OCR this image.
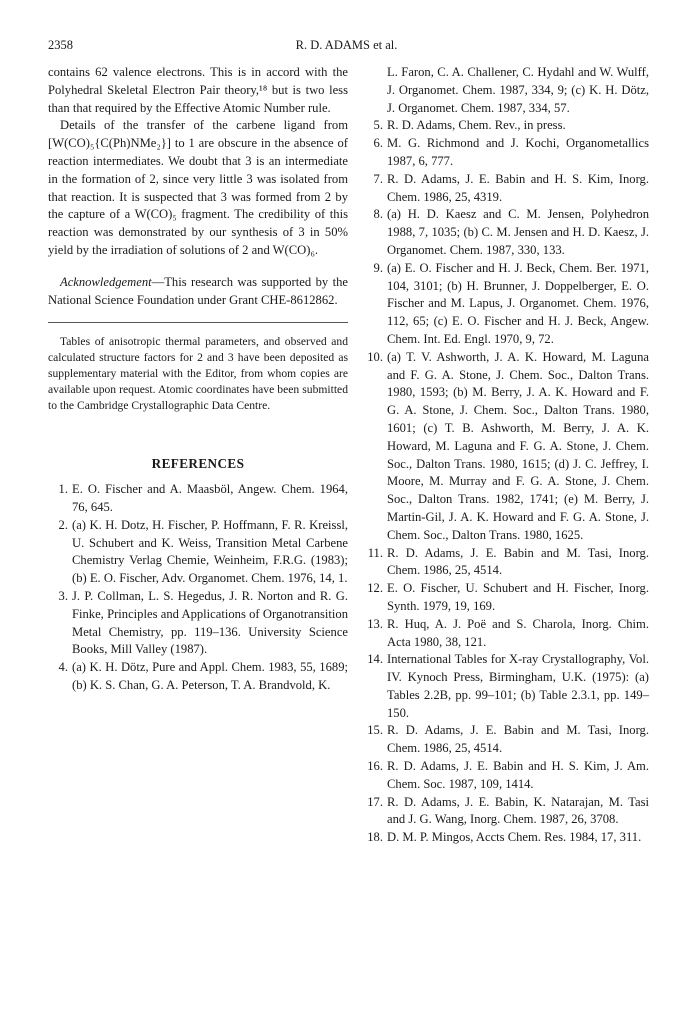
2358	R. D. ADAMS et al.

contains 62 valence electrons. This is in accord with the Polyhedral Skeletal Electron Pair theory,¹⁸ but is two less than that required by the Effective Atomic Number rule.

Details of the transfer of the carbene ligand from [W(CO)₅{C(Ph)NMe₂}] to 1 are obscure in the absence of reaction intermediates. We doubt that 3 is an intermediate in the formation of 2, since very little 3 was isolated from that reaction. It is suspected that 3 was formed from 2 by the capture of a W(CO)₅ fragment. The credibility of this reaction was demonstrated by our synthesis of 3 in 50% yield by the irradiation of solutions of 2 and W(CO)₆.

Acknowledgement—This research was supported by the National Science Foundation under Grant CHE-8612862.

Tables of anisotropic thermal parameters, and observed and calculated structure factors for 2 and 3 have been deposited as supplementary material with the Editor, from whom copies are available upon request. Atomic coordinates have been submitted to the Cambridge Crystallographic Data Centre.

REFERENCES
1. E. O. Fischer and A. Maasböl, Angew. Chem. 1964, 76, 645.
2. (a) K. H. Dotz, H. Fischer, P. Hoffmann, F. R. Kreissl, U. Schubert and K. Weiss, Transition Metal Carbene Chemistry Verlag Chemie, Weinheim, F.R.G. (1983); (b) E. O. Fischer, Adv. Organomet. Chem. 1976, 14, 1.
3. J. P. Collman, L. S. Hegedus, J. R. Norton and R. G. Finke, Principles and Applications of Organotransition Metal Chemistry, pp. 119–136. University Science Books, Mill Valley (1987).
4. (a) K. H. Dötz, Pure and Appl. Chem. 1983, 55, 1689; (b) K. S. Chan, G. A. Peterson, T. A. Brandvold, K.
L. Faron, C. A. Challener, C. Hydahl and W. Wulff, J. Organomet. Chem. 1987, 334, 9; (c) K. H. Dötz, J. Organomet. Chem. 1987, 334, 57.
5. R. D. Adams, Chem. Rev., in press.
6. M. G. Richmond and J. Kochi, Organometallics 1987, 6, 777.
7. R. D. Adams, J. E. Babin and H. S. Kim, Inorg. Chem. 1986, 25, 4319.
8. (a) H. D. Kaesz and C. M. Jensen, Polyhedron 1988, 7, 1035; (b) C. M. Jensen and H. D. Kaesz, J. Organomet. Chem. 1987, 330, 133.
9. (a) E. O. Fischer and H. J. Beck, Chem. Ber. 1971, 104, 3101; (b) H. Brunner, J. Doppelberger, E. O. Fischer and M. Lapus, J. Organomet. Chem. 1976, 112, 65; (c) E. O. Fischer and H. J. Beck, Angew. Chem. Int. Ed. Engl. 1970, 9, 72.
10. (a) T. V. Ashworth, J. A. K. Howard, M. Laguna and F. G. A. Stone, J. Chem. Soc., Dalton Trans. 1980, 1593; (b) M. Berry, J. A. K. Howard and F. G. A. Stone, J. Chem. Soc., Dalton Trans. 1980, 1601; (c) T. B. Ashworth, M. Berry, J. A. K. Howard, M. Laguna and F. G. A. Stone, J. Chem. Soc., Dalton Trans. 1980, 1615; (d) J. C. Jeffrey, I. Moore, M. Murray and F. G. A. Stone, J. Chem. Soc., Dalton Trans. 1982, 1741; (e) M. Berry, J. Martin-Gil, J. A. K. Howard and F. G. A. Stone, J. Chem. Soc., Dalton Trans. 1980, 1625.
11. R. D. Adams, J. E. Babin and M. Tasi, Inorg. Chem. 1986, 25, 4514.
12. E. O. Fischer, U. Schubert and H. Fischer, Inorg. Synth. 1979, 19, 169.
13. R. Huq, A. J. Poë and S. Charola, Inorg. Chim. Acta 1980, 38, 121.
14. International Tables for X-ray Crystallography, Vol. IV. Kynoch Press, Birmingham, U.K. (1975): (a) Tables 2.2B, pp. 99–101; (b) Table 2.3.1, pp. 149–150.
15. R. D. Adams, J. E. Babin and M. Tasi, Inorg. Chem. 1986, 25, 4514.
16. R. D. Adams, J. E. Babin and H. S. Kim, J. Am. Chem. Soc. 1987, 109, 1414.
17. R. D. Adams, J. E. Babin, K. Natarajan, M. Tasi and J. G. Wang, Inorg. Chem. 1987, 26, 3708.
18. D. M. P. Mingos, Accts Chem. Res. 1984, 17, 311.
